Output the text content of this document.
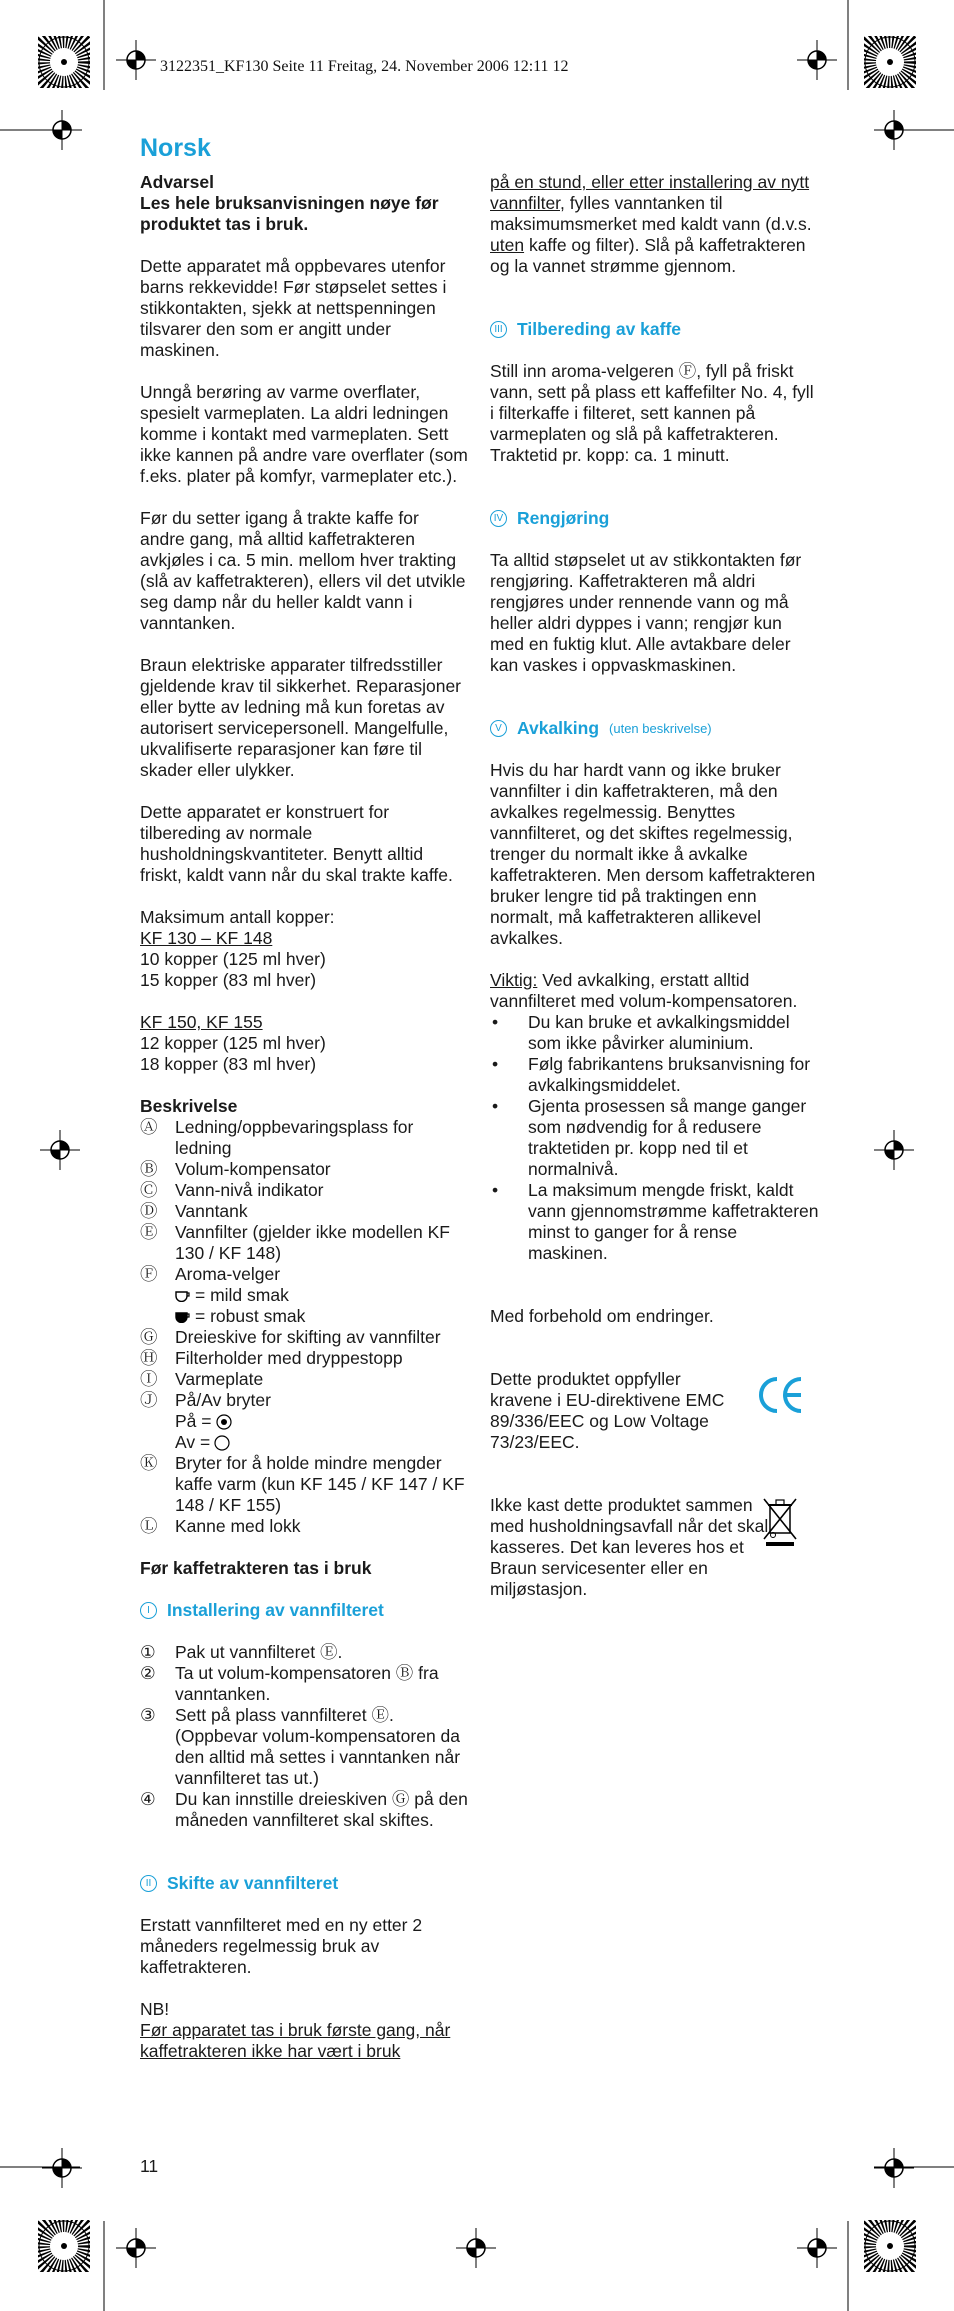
3122351_KF130 Seite 11 Freitag, 24. November 2006 12:11 12
Norsk
Advarsel

Les hele bruksanvisningen nøye før produktet tas i bruk.

Dette apparatet må oppbevares utenfor barns rekkevidde! Før støpselet settes i stikkontakten, sjekk at nettspenningen tilsvarer den som er angitt under maskinen.

Unngå berøring av varme overflater, spesielt varmeplaten. La aldri ledningen komme i kontakt med varmeplaten. Sett ikke kannen på andre vare overflater (som f.eks. plater på komfyr, varmeplater etc.).

Før du setter igang å trakte kaffe for andre gang, må alltid kaffetrakteren avkjøles i ca. 5 min. mellom hver trakting (slå av kaffetrakteren), ellers vil det utvikle seg damp når du heller kaldt vann i vanntanken.

Braun elektriske apparater tilfredsstiller gjeldende krav til sikkerhet. Reparasjoner eller bytte av ledning må kun foretas av autorisert servicepersonell. Mangelfulle, ukvalifiserte reparasjoner kan føre til skader eller ulykker.

Dette apparatet er konstruert for tilbereding av normale husholdningskvantiteter. Benytt alltid friskt, kaldt vann når du skal trakte kaffe.

Maksimum antall kopper:
KF 130 – KF 148
10 kopper (125 ml hver)
15 kopper (83 ml hver)
KF 150, KF 155
12 kopper (125 ml hver)
18 kopper (83 ml hver)
Beskrivelse
Ⓐ	Ledning/oppbevaringsplass for ledning
Ⓑ	Volum-kompensator
Ⓒ	Vann-nivå indikator
Ⓓ	Vanntank
Ⓔ	Vannfilter (gjelder ikke modellen KF 130 / KF 148)
Ⓕ	Aroma-velger
= mild smak
= robust smak
Ⓖ	Dreieskive for skifting av vannfilter
Ⓗ	Filterholder med dryppestopp
Ⓘ	Varmeplate
Ⓙ	På/Av bryter
På =
Av =
Ⓚ	Bryter for å holde mindre mengder kaffe varm (kun KF 145 / KF 147 / KF 148 / KF 155)
Ⓛ	Kanne med lokk

Før kaffetrakteren tas i bruk

I Installering av vannfilteret
①	Pak ut vannfilteret Ⓔ.
②	Ta ut volum-kompensatoren Ⓑ fra vanntanken.
③	Sett på plass vannfilteret Ⓔ. (Oppbevar volum-kompensatoren da den alltid må settes i vanntanken når vannfilteret tas ut.)
④	Du kan innstille dreieskiven Ⓖ på den måneden vannfilteret skal skiftes.
II Skifte av vannfilteret

Erstatt vannfilteret med en ny etter 2 måneders regelmessig bruk av kaffetrakteren.

NB!
Før apparatet tas i bruk første gang, når kaffetrakteren ikke har vært i bruk

på en stund, eller etter installering av nytt vannfilter, fylles vanntanken til maksimumsmerket med kaldt vann (d.v.s. uten kaffe og filter). Slå på kaffetrakteren og la vannet strømme gjennom.

III Tilbereding av kaffe

Still inn aroma-velgeren Ⓕ, fyll på friskt vann, sett på plass ett kaffefilter No. 4, fyll i filterkaffe i filteret, sett kannen på varmeplaten og slå på kaffetrakteren. Traktetid pr. kopp: ca. 1 minutt.

IV Rengjøring

Ta alltid støpselet ut av stikkontakten før rengjøring. Kaffetrakteren må aldri rengjøres under rennende vann og må heller aldri dyppes i vann; rengjør kun med en fuktig klut. Alle avtakbare deler kan vaskes i oppvaskmaskinen.

V Avkalking (uten beskrivelse)

Hvis du har hardt vann og ikke bruker vannfilter i din kaffetrakteren, må den avkalkes regelmessig. Benyttes vannfilteret, og det skiftes regelmessig, trenger du normalt ikke å avkalke kaffetrakteren. Men dersom kaffetrakteren bruker lengre tid på traktingen enn normalt, må kaffetrakteren allikevel avkalkes.

Viktig: Ved avkalking, erstatt alltid vannfilteret med volum-kompensatoren.
•	Du kan bruke et avkalkingsmiddel som ikke påvirker aluminium.
•	Følg fabrikantens bruksanvisning for avkalkingsmiddelet.
•	Gjenta prosessen så mange ganger som nødvendig for å redusere traktetiden pr. kopp ned til et normalnivå.
•	La maksimum mengde friskt, kaldt vann gjennomstrømme kaffetrakteren minst to ganger for å rense maskinen.

Med forbehold om endringer.

Dette produktet oppfyller kravene i EU-direktivene EMC 89/336/EEC og Low Voltage 73/23/EEC.

Ikke kast dette produktet sammen med husholdningsavfall når det skal kasseres. Det kan leveres hos et Braun servicesenter eller en miljøstasjon.

11
